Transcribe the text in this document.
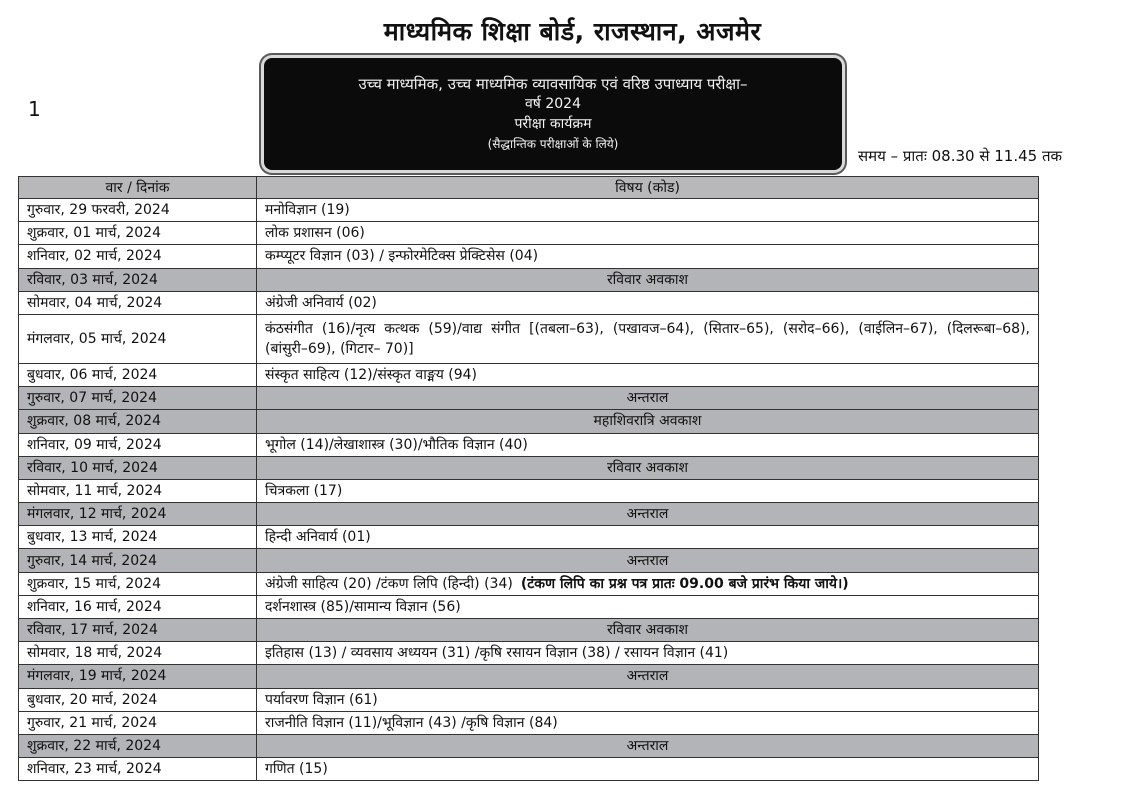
माध्यमिक शिक्षा बोर्ड, राजस्थान, अजमेर
1
उच्च माध्यमिक, उच्च माध्यमिक व्यावसायिक एवं वरिष्ठ उपाध्याय परीक्षा–
वर्ष 2024
परीक्षा कार्यक्रम
(सैद्धान्तिक परीक्षाओं के लिये)
समय – प्रातः 08.30 से 11.45 तक
वार / दिनांक	विषय (कोड)
गुरुवार, 29 फरवरी, 2024	मनोविज्ञान (19)
शुक्रवार, 01 मार्च, 2024	लोक प्रशासन (06)
शनिवार, 02 मार्च, 2024	कम्प्यूटर विज्ञान (03) / इन्फोरमेटिक्स प्रेक्टिसेस (04)
रविवार, 03 मार्च, 2024	रविवार अवकाश
सोमवार, 04 मार्च, 2024	अंग्रेजी अनिवार्य (02)
मंगलवार, 05 मार्च, 2024	कंठसंगीत (16)/नृत्य कत्थक (59)/वाद्य संगीत [(तबला–63), (पखावज–64), (सितार–65), (सरोद–66), (वाईलिन–67), (दिलरूबा–68), (बांसुरी–69), (गिटार– 70)]
बुधवार, 06 मार्च, 2024	संस्कृत साहित्य (12)/संस्कृत वाङ्मय (94)
गुरुवार, 07 मार्च, 2024	अन्तराल
शुक्रवार, 08 मार्च, 2024	महाशिवरात्रि अवकाश
शनिवार, 09 मार्च, 2024	भूगोल (14)/लेखाशास्त्र (30)/भौतिक विज्ञान (40)
रविवार, 10 मार्च, 2024	रविवार अवकाश
सोमवार, 11 मार्च, 2024	चित्रकला (17)
मंगलवार, 12 मार्च, 2024	अन्तराल
बुधवार, 13 मार्च, 2024	हिन्दी अनिवार्य (01)
गुरुवार, 14 मार्च, 2024	अन्तराल
शुक्रवार, 15 मार्च, 2024	अंग्रेजी साहित्य (20) /टंकण लिपि (हिन्दी) (34) (टंकण लिपि का प्रश्न पत्र प्रातः 09.00 बजे प्रारंभ किया जाये।)
शनिवार, 16 मार्च, 2024	दर्शनशास्त्र (85)/सामान्य विज्ञान (56)
रविवार, 17 मार्च, 2024	रविवार अवकाश
सोमवार, 18 मार्च, 2024	इतिहास (13) / व्यवसाय अध्ययन (31) /कृषि रसायन विज्ञान (38) / रसायन विज्ञान (41)
मंगलवार, 19 मार्च, 2024	अन्तराल
बुधवार, 20 मार्च, 2024	पर्यावरण विज्ञान (61)
गुरुवार, 21 मार्च, 2024	राजनीति विज्ञान (11)/भूविज्ञान (43) /कृषि विज्ञान (84)
शुक्रवार, 22 मार्च, 2024	अन्तराल
शनिवार, 23 मार्च, 2024	गणित (15)
